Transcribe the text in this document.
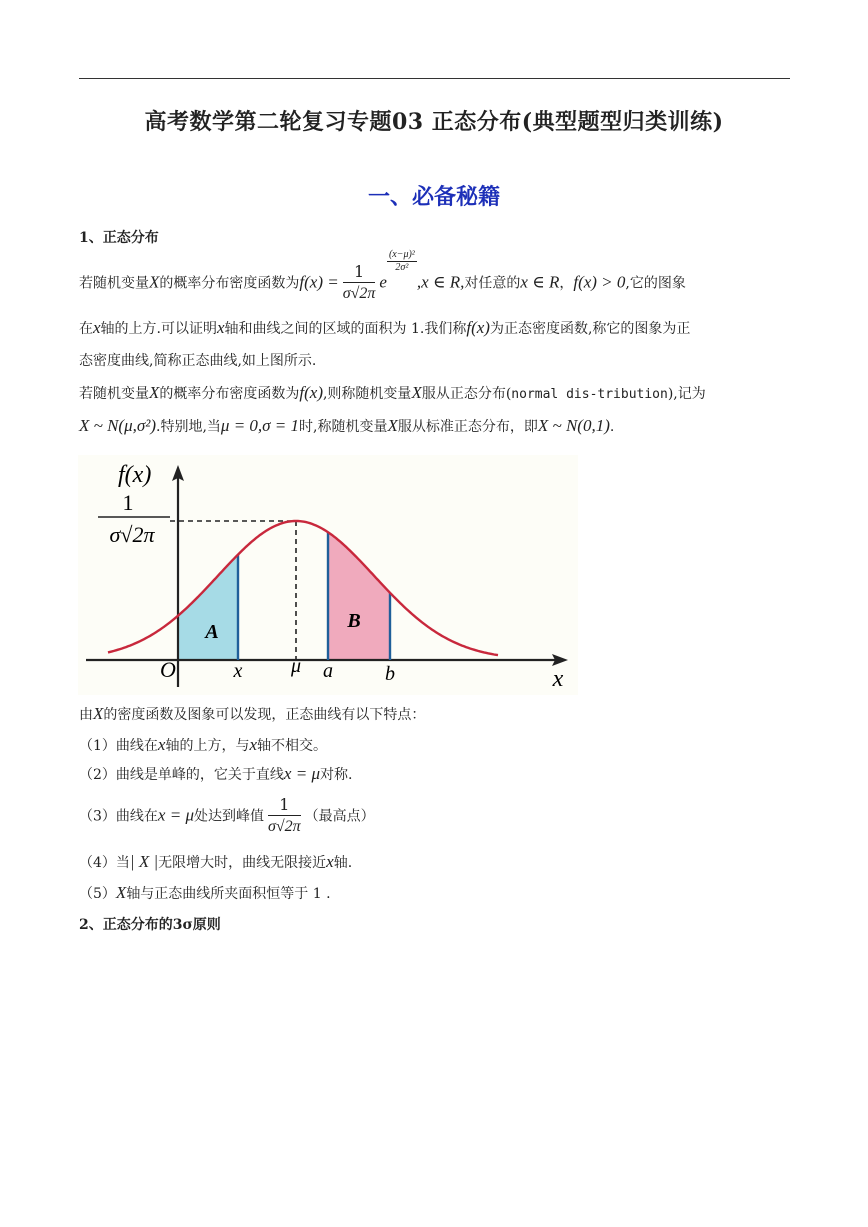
高考数学第二轮复习专题03 正态分布(典型题型归类训练)
一、必备秘籍
1、正态分布
若随机变量X的概率分布密度函数为$f(x) = \frac{1}{\sigma√2\pi}$ e
$\frac{\text{(x−μ)²}}{\text{2σ²}}$
,x ∈ R,对任意的x ∈ R，f(x) > 0,它的图象
在x轴的上方.可以证明x轴和曲线之间的区域的面积为 1.我们称f(x)为正态密度函数,称它的图象为正
态密度曲线,简称正态曲线,如上图所示.
若随机变量X的概率分布密度函数为f(x),则称随机变量X服从正态分布(normal dis-tribution),记为
X ~ N(μ,σ²).特别地,当μ = 0,σ = 1时,称随机变量X服从标准正态分布，即X ~ N(0,1).
f(x)
1
σ√2π
O	x μ a	b	x
A	B
由X的密度函数及图象可以发现，正态曲线有以下特点：
（1）曲线在x轴的上方，与x轴不相交。
（2）曲线是单峰的，它关于直线x = μ对称.
（3）曲线在x = μ处达到峰值 $\frac{1}{\sigma√2\pi}$ （最高点）
（4）当| X |无限增大时，曲线无限接近x轴.
（5）X轴与正态曲线所夹面积恒等于 1 .
2、正态分布的3σ原则
